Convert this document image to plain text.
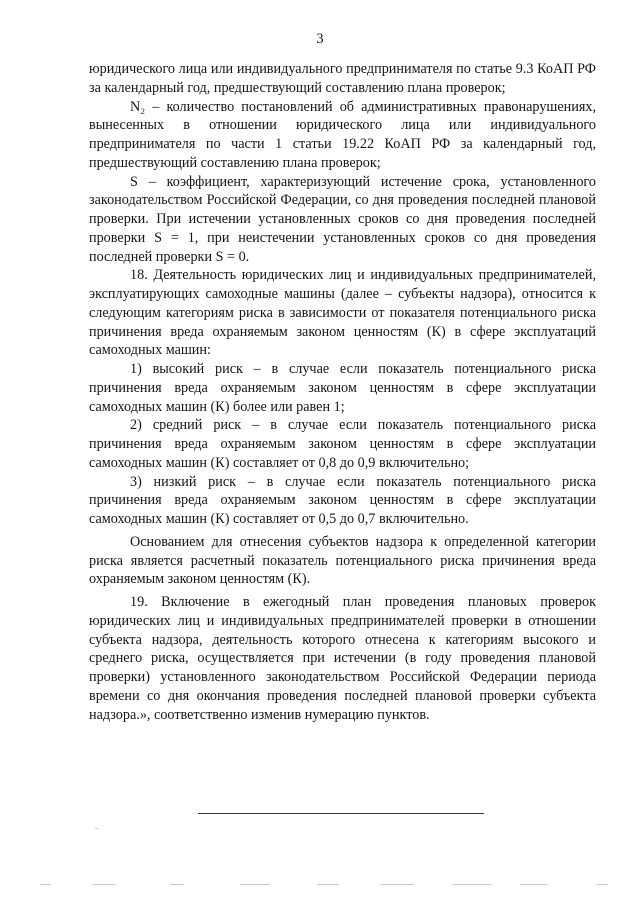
3

юридического лица или индивидуального предпринимателя по статье 9.3 КоАП РФ за календарный год, предшествующий составлению плана проверок;

N₂ – количество постановлений об административных правонарушениях, вынесенных в отношении юридического лица или индивидуального предпринимателя по части 1 статьи 19.22 КоАП РФ за календарный год, предшествующий составлению плана проверок;

S – коэффициент, характеризующий истечение срока, установленного законодательством Российской Федерации, со дня проведения последней плановой проверки. При истечении установленных сроков со дня проведения последней проверки S = 1, при неистечении установленных сроков со дня проведения последней проверки S = 0.

18. Деятельность юридических лиц и индивидуальных предпринимателей, эксплуатирующих самоходные машины (далее – субъекты надзора), относится к следующим категориям риска в зависимости от показателя потенциального риска причинения вреда охраняемым законом ценностям (К) в сфере эксплуатаций самоходных машин:

1) высокий риск – в случае если показатель потенциального риска причинения вреда охраняемым законом ценностям в сфере эксплуатации самоходных машин (К) более или равен 1;

2) средний риск – в случае если показатель потенциального риска причинения вреда охраняемым законом ценностям в сфере эксплуатации самоходных машин (К) составляет от 0,8 до 0,9 включительно;

3) низкий риск – в случае если показатель потенциального риска причинения вреда охраняемым законом ценностям в сфере эксплуатации самоходных машин (К) составляет от 0,5 до 0,7 включительно.

Основанием для отнесения субъектов надзора к определенной категории риска является расчетный показатель потенциального риска причинения вреда охраняемым законом ценностям (К).

19. Включение в ежегодный план проведения плановых проверок юридических лиц и индивидуальных предпринимателей проверки в отношении субъекта надзора, деятельность которого отнесена к категориям высокого и среднего риска, осуществляется при истечении (в году проведения плановой проверки) установленного законодательством Российской Федерации периода времени со дня окончания проведения последней плановой проверки субъекта надзора.», соответственно изменив нумерацию пунктов.
